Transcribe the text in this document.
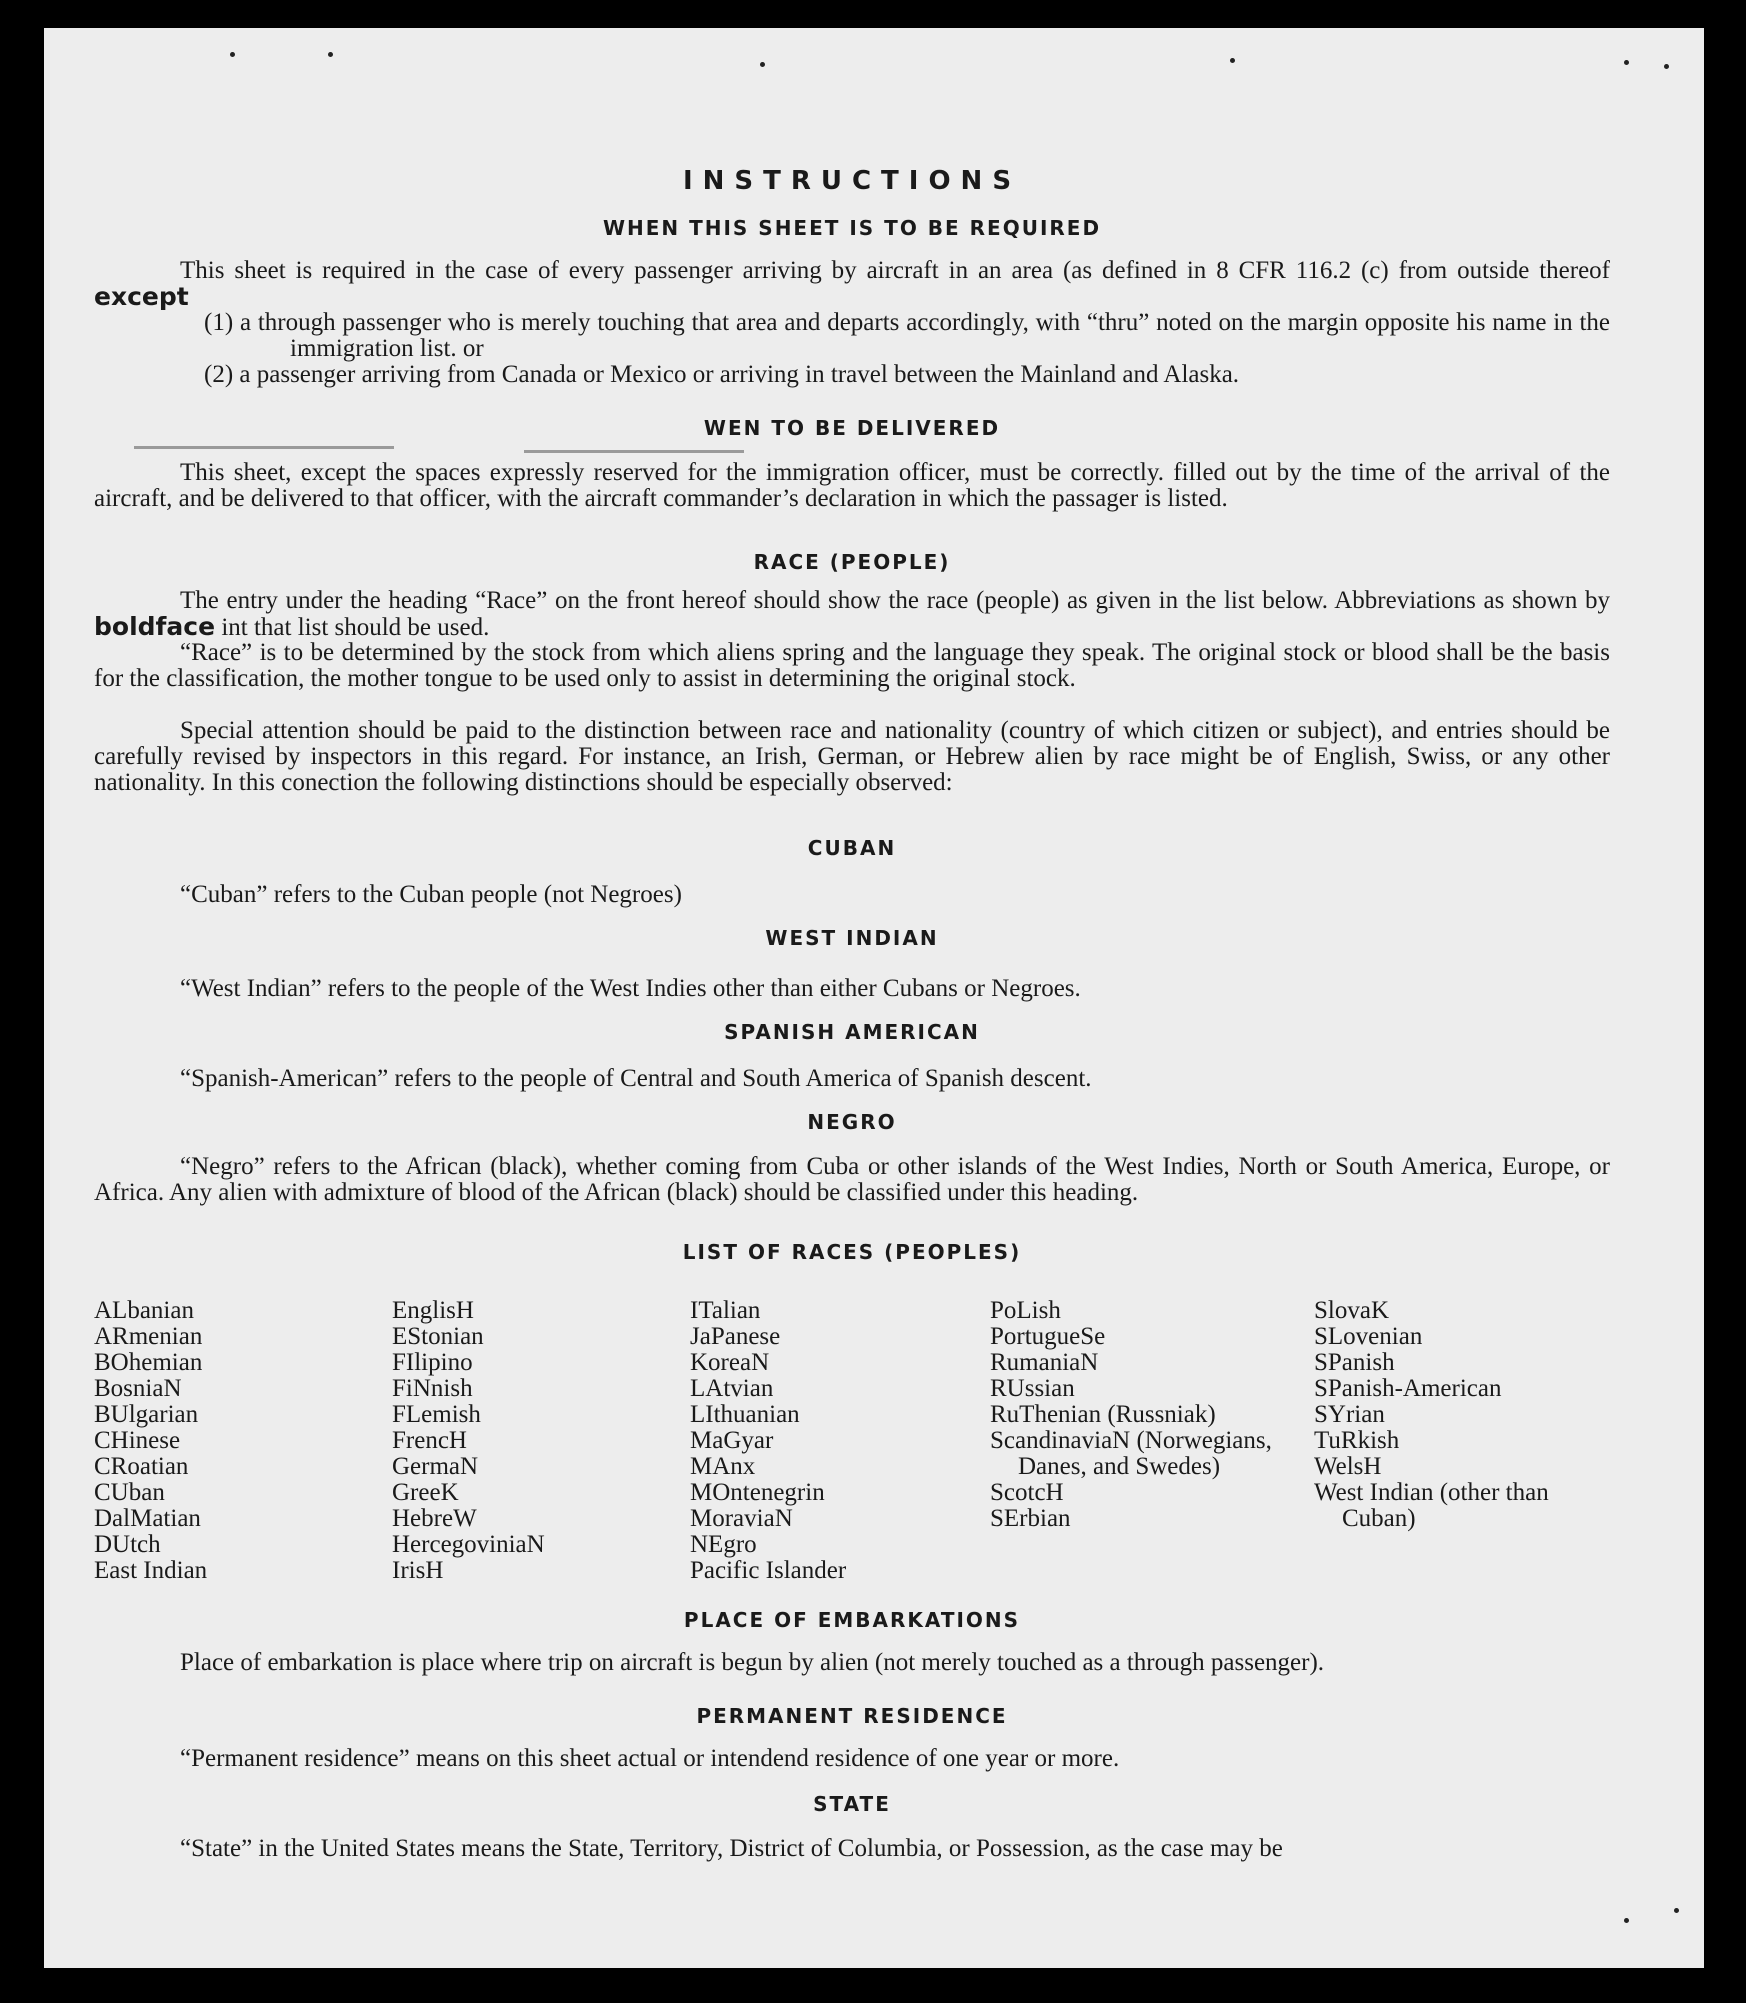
INSTRUCTIONS
WHEN THIS SHEET IS TO BE REQUIRED

This sheet is required in the case of every passenger arriving by aircraft in an area (as defined in 8 CFR 116.2 (c) from outside thereof except

(1) a through passenger who is merely touching that area and departs accordingly, with “thru” noted on the margin opposite his name in the immigration list. or

(2) a passenger arriving from Canada or Mexico or arriving in travel between the Mainland and Alaska.

WEN TO BE DELIVERED

This sheet, except the spaces expressly reserved for the immigration officer, must be correctly. filled out by the time of the arrival of the aircraft, and be delivered to that officer, with the aircraft commander’s declaration in which the passager is listed.

RACE (PEOPLE)

The entry under the heading “Race” on the front hereof should show the race (people) as given in the list below. Abbreviations as shown by boldface int that list should be used.

“Race” is to be determined by the stock from which aliens spring and the language they speak. The original stock or blood shall be the basis for the classification, the mother tongue to be used only to assist in determining the original stock.

Special attention should be paid to the distinction between race and nationality (country of which citizen or subject), and entries should be carefully revised by inspectors in this regard. For instance, an Irish, German, or Hebrew alien by race might be of English, Swiss, or any other nationality. In this conection the following distinctions should be especially observed:

CUBAN

“Cuban” refers to the Cuban people (not Negroes)

WEST INDIAN

“West Indian” refers to the people of the West Indies other than either Cubans or Negroes.

SPANISH AMERICAN

“Spanish-American” refers to the people of Central and South America of Spanish descent.

NEGRO

“Negro” refers to the African (black), whether coming from Cuba or other islands of the West Indies, North or South America, Europe, or Africa. Any alien with admixture of blood of the African (black) should be classified under this heading.

LIST OF RACES (PEOPLES)
ALbanian
ARmenian
BOhemian
BosniaN
BUlgarian
CHinese
CRoatian
CUban
DalMatian
DUtch
East Indian
EnglisH
EStonian
FIlipino
FiNnish
FLemish
FrencH
GermaN
GreeK
HebreW
HercegoviniaN
IrisH
ITalian
JaPanese
KoreaN
LAtvian
LIthuanian
MaGyar
MAnx
MOntenegrin
MoraviaN
NEgro
Pacific Islander
PoLish
PortugueSe
RumaniaN
RUssian
RuThenian (Russniak)
ScandinaviaN (Norwegians, Danes, and Swedes)
ScotcH
SErbian
SlovaK
SLovenian
SPanish
SPanish-American
SYrian
TuRkish
WelsH
West Indian (other than Cuban)
PLACE OF EMBARKATIONS

Place of embarkation is place where trip on aircraft is begun by alien (not merely touched as a through passenger).

PERMANENT RESIDENCE

“Permanent residence” means on this sheet actual or intendend residence of one year or more.

STATE

“State” in the United States means the State, Territory, District of Columbia, or Possession, as the case may be
